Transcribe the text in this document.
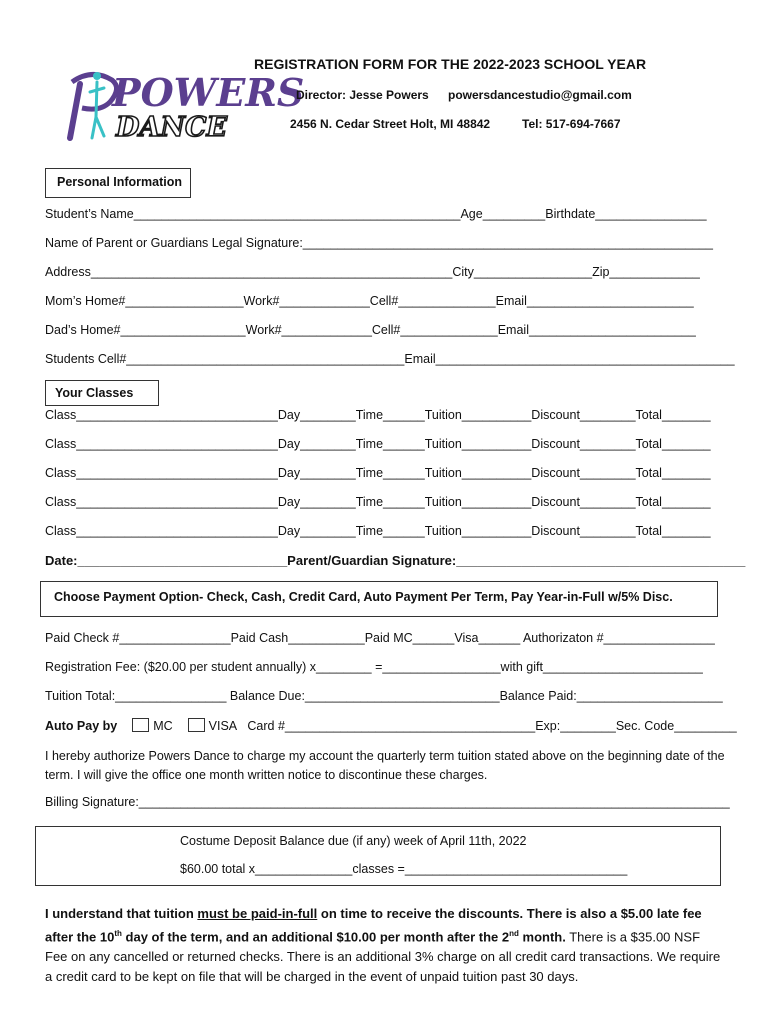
POWERS
DANCE
REGISTRATION FORM FOR THE 2022-2023 SCHOOL YEAR
Director: Jesse Powers powersdancestudio@gmail.com
2456 N. Cedar Street Holt, MI 48842	Tel: 517-694-7667
Personal Information
Student’s Name_______________________________________________Age_________Birthdate________________
Name of Parent or Guardians Legal Signature:___________________________________________________________
Address____________________________________________________City_________________Zip_____________
Mom’s Home#_________________Work#_____________Cell#______________Email________________________
Dad’s Home#__________________Work#_____________Cell#______________Email________________________
Students Cell#________________________________________Email___________________________________________
Your Classes
Class_____________________________Day________Time______Tuition__________Discount________Total_______
Class_____________________________Day________Time______Tuition__________Discount________Total_______
Class_____________________________Day________Time______Tuition__________Discount________Total_______
Class_____________________________Day________Time______Tuition__________Discount________Total_______
Class_____________________________Day________Time______Tuition__________Discount________Total_______
Date:_____________________________Parent/Guardian Signature:________________________________________
Choose Payment Option- Check, Cash, Credit Card, Auto Payment Per Term, Pay Year-in-Full w/5% Disc.
Paid Check #________________Paid Cash___________Paid MC______Visa______ Authorizaton #________________
Registration Fee: ($20.00 per student annually) x________ =_________________with gift_______________________
Tuition Total:________________ Balance Due:____________________________Balance Paid:_____________________
Auto Pay by	MC	VISA Card #____________________________________Exp:________Sec. Code_________
I hereby authorize Powers Dance to charge my account the quarterly term tuition stated above on the beginning date of the term. I will give the office one month written notice to discontinue these charges.
Billing Signature:_____________________________________________________________________________________
Costume Deposit Balance due (if any) week of April 11th, 2022
$60.00 total x______________classes =________________________________
I understand that tuition must be paid-in-full on time to receive the discounts. There is also a $5.00 late fee after the 10th day of the term, and an additional $10.00 per month after the 2nd month. There is a $35.00 NSF Fee on any cancelled or returned checks. There is an additional 3% charge on all credit card transactions. We require a credit card to be kept on file that will be charged in the event of unpaid tuition past 30 days.
